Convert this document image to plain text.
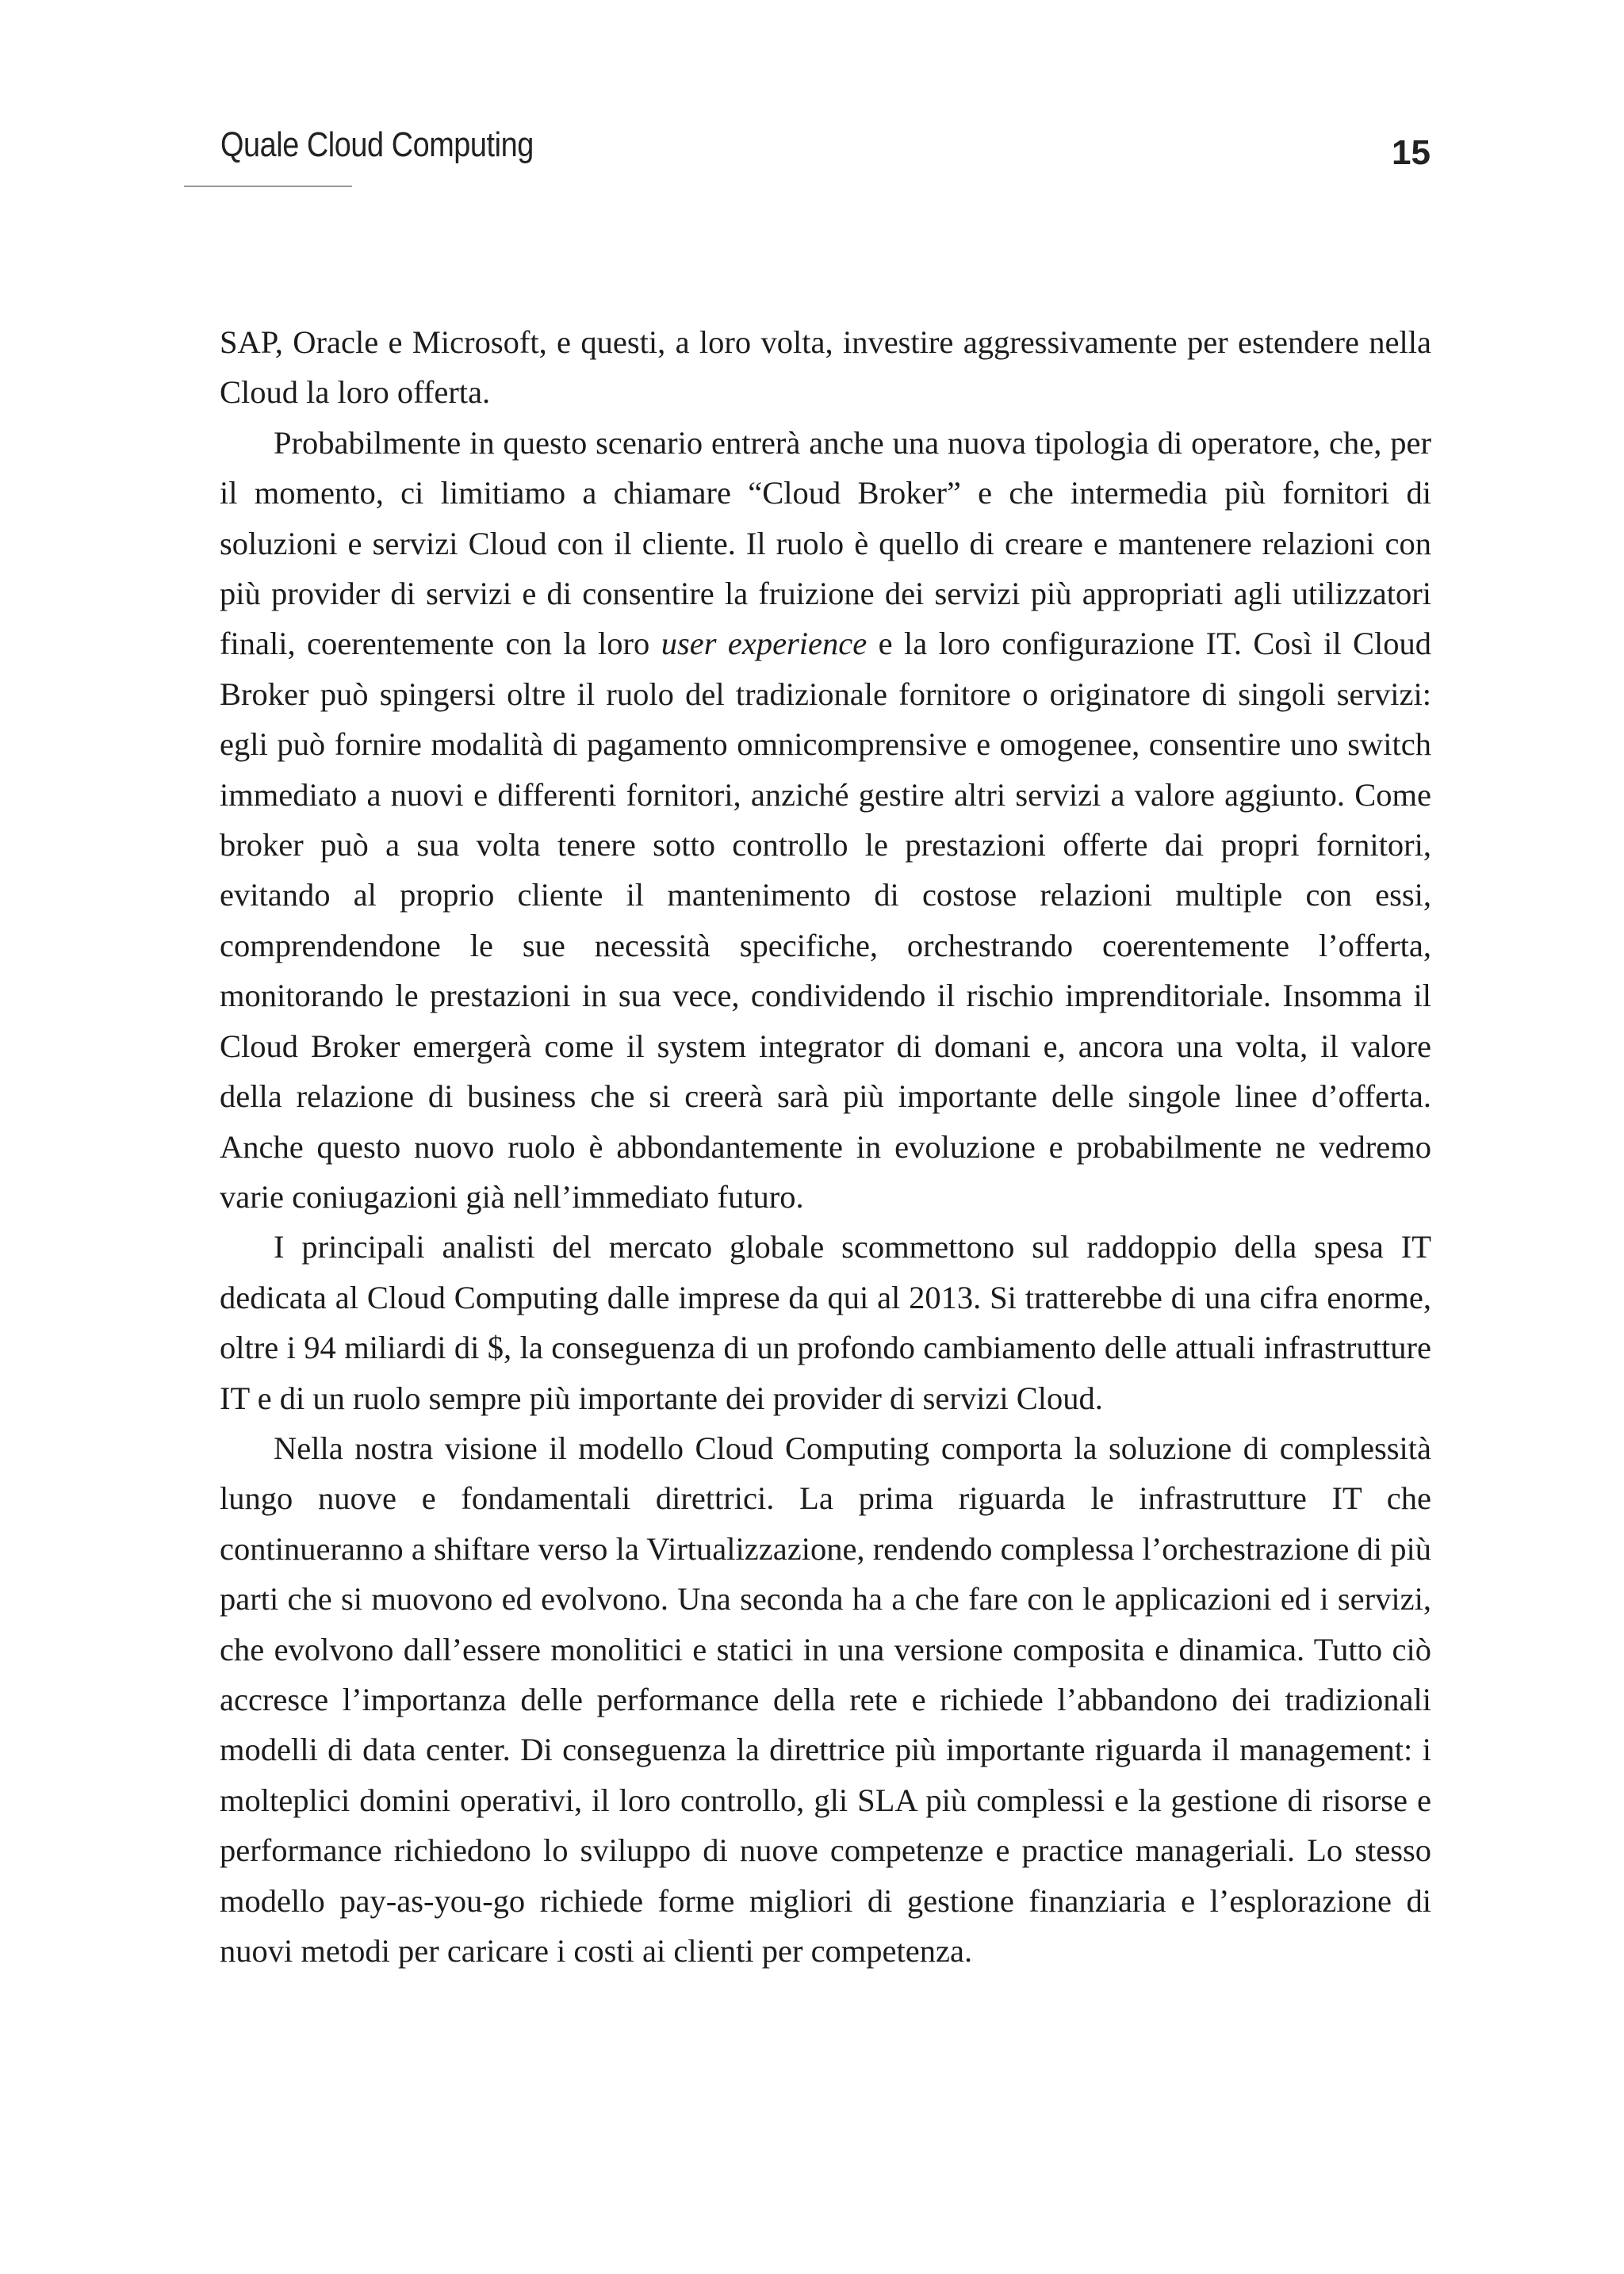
Quale Cloud Computing	15

SAP, Oracle e Microsoft, e questi, a loro volta, investire aggressivamente per estendere nella Cloud la loro offerta.

Probabilmente in questo scenario entrerà anche una nuova tipologia di operatore, che, per il momento, ci limitiamo a chiamare “Cloud Broker” e che intermedia più fornitori di soluzioni e servizi Cloud con il cliente. Il ruolo è quello di creare e mantenere relazioni con più provider di servizi e di consentire la fruizione dei servizi più appropriati agli utilizzatori finali, coerentemente con la loro user experience e la loro configurazione IT. Così il Cloud Broker può spingersi oltre il ruolo del tradizionale fornitore o originatore di singoli servizi: egli può fornire modalità di pagamento omnicomprensive e omogenee, consentire uno switch immediato a nuovi e differenti fornitori, anziché gestire altri servizi a valore aggiunto. Come broker può a sua volta tenere sotto controllo le prestazioni offerte dai propri fornitori, evitando al proprio cliente il mantenimento di costose relazioni multiple con essi, comprendendone le sue necessità specifiche, orchestrando coerentemente l’offerta, monitorando le prestazioni in sua vece, condividendo il rischio imprenditoriale. Insomma il Cloud Broker emergerà come il system integrator di domani e, ancora una volta, il valore della relazione di business che si creerà sarà più importante delle singole linee d’offerta. Anche questo nuovo ruolo è abbondantemente in evoluzione e probabilmente ne vedremo varie coniugazioni già nell’immediato futuro.

I principali analisti del mercato globale scommettono sul raddoppio della spesa IT dedicata al Cloud Computing dalle imprese da qui al 2013. Si tratterebbe di una cifra enorme, oltre i 94 miliardi di $, la conseguenza di un profondo cambiamento delle attuali infrastrutture IT e di un ruolo sempre più importante dei provider di servizi Cloud.

Nella nostra visione il modello Cloud Computing comporta la soluzione di complessità lungo nuove e fondamentali direttrici. La prima riguarda le infrastrutture IT che continueranno a shiftare verso la Virtualizzazione, rendendo complessa l’orchestrazione di più parti che si muovono ed evolvono. Una seconda ha a che fare con le applicazioni ed i servizi, che evolvono dall’essere monolitici e statici in una versione composita e dinamica. Tutto ciò accresce l’importanza delle performance della rete e richiede l’abbandono dei tradizionali modelli di data center. Di conseguenza la direttrice più importante riguarda il management: i molteplici domini operativi, il loro controllo, gli SLA più complessi e la gestione di risorse e performance richiedono lo sviluppo di nuove competenze e practice manageriali. Lo stesso modello pay-as-you-go richiede forme migliori di gestione finanziaria e l’esplorazione di nuovi metodi per caricare i costi ai clienti per competenza.
